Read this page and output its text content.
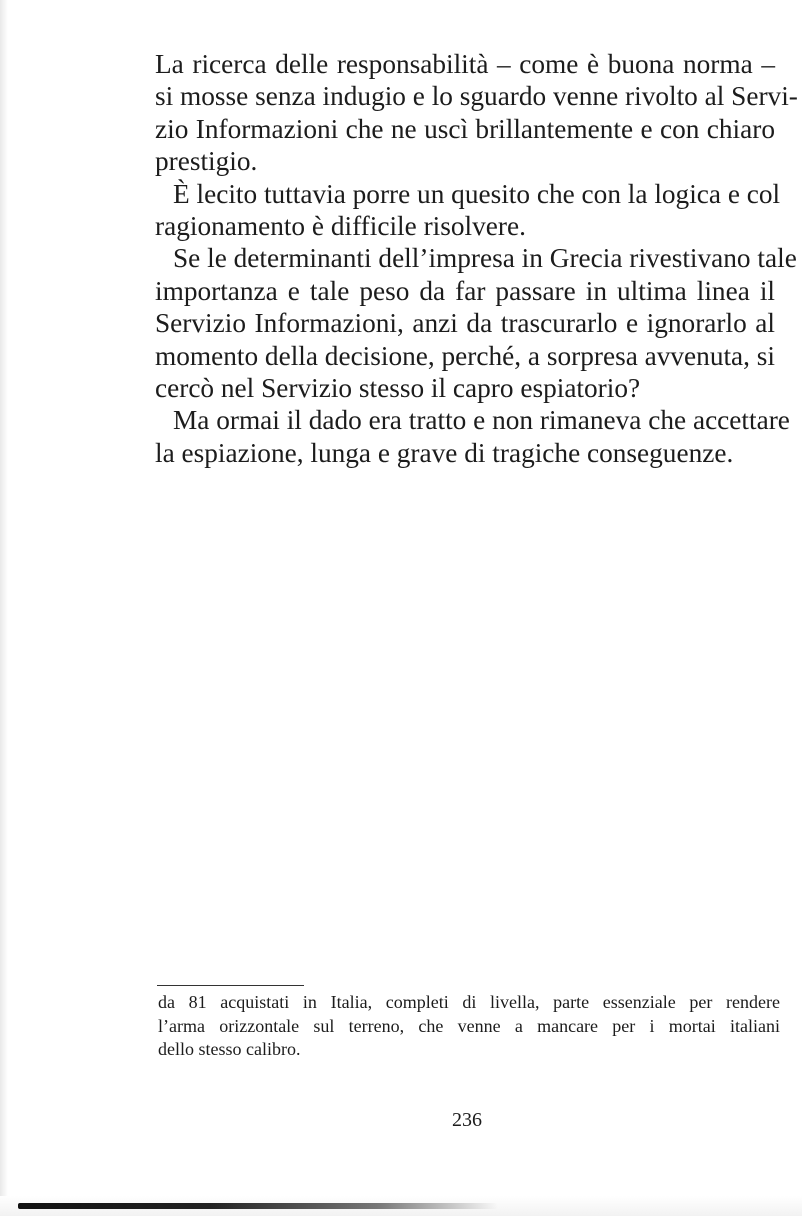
La ricerca delle responsabilità – come è buona norma –
si mosse senza indugio e lo sguardo venne rivolto al Servi-
zio Informazioni che ne uscì brillantemente e con chiaro
prestigio.

È lecito tuttavia porre un quesito che con la logica e col
ragionamento è difficile risolvere.

Se le determinanti dell’impresa in Grecia rivestivano tale
importanza e tale peso da far passare in ultima linea il
Servizio Informazioni, anzi da trascurarlo e ignorarlo al
momento della decisione, perché, a sorpresa avvenuta, si
cercò nel Servizio stesso il capro espiatorio?

Ma ormai il dado era tratto e non rimaneva che accettare
la espiazione, lunga e grave di tragiche conseguenze.

da 81 acquistati in Italia, completi di livella, parte essenziale per rendere
l’arma orizzontale sul terreno, che venne a mancare per i mortai italiani
dello stesso calibro.
236
